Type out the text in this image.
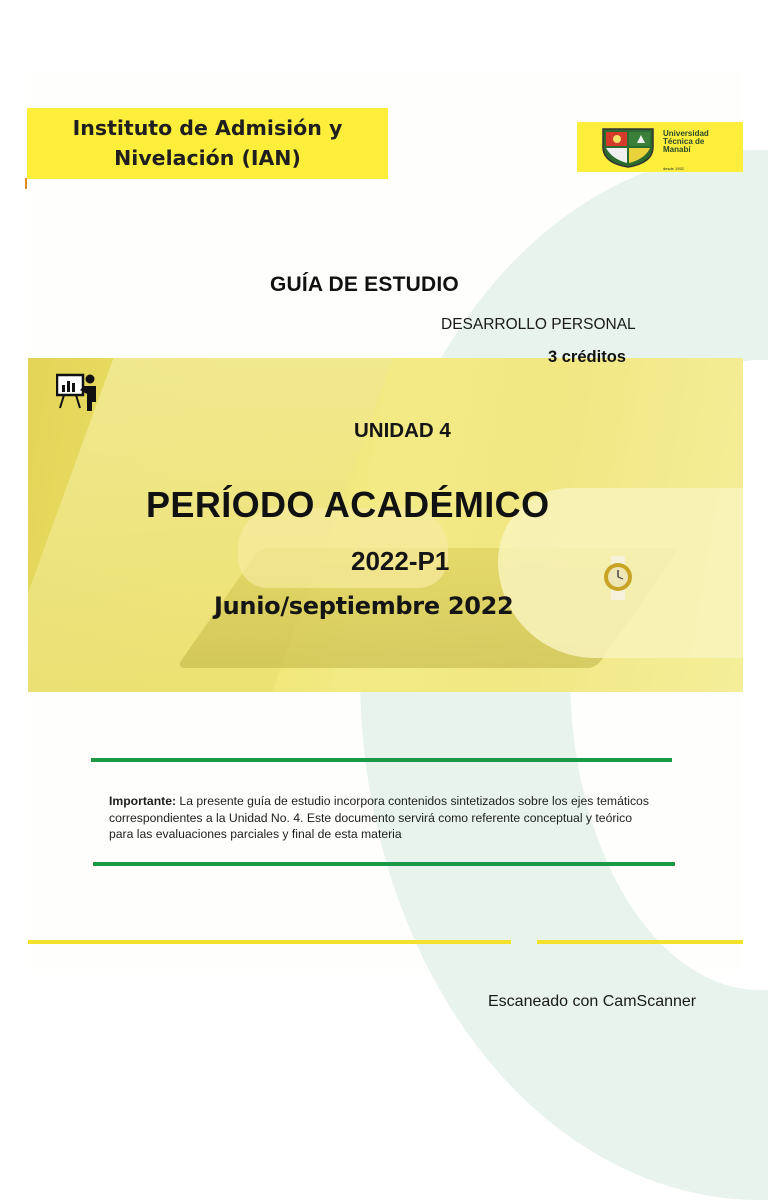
Instituto de Admisión y
Nivelación (IAN)
Universidad
Técnica de
Manabí
desde 1952
GUÍA DE ESTUDIO
DESARROLLO PERSONAL
3 créditos
UNIDAD 4
PERÍODO ACADÉMICO
2022-P1
Junio/septiembre 2022
Importante: La presente guía de estudio incorpora contenidos sintetizados sobre los ejes temáticos correspondientes a la Unidad No. 4. Este documento servirá como referente conceptual y teórico para las evaluaciones parciales y final de esta materia
Escaneado con CamScanner
